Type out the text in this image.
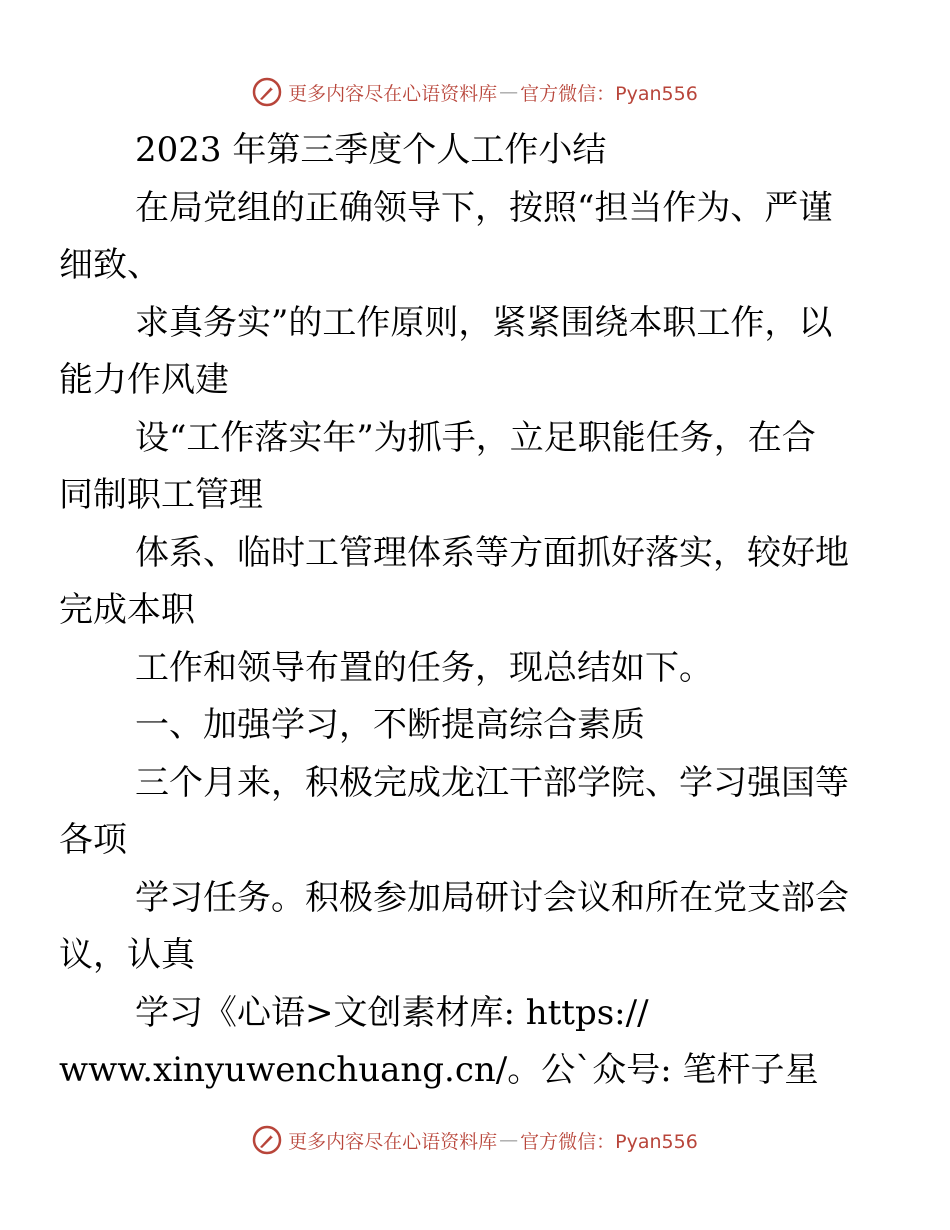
更多内容尽在心语资料库 — 官方微信：Pyan556
2023 年第三季度个人工作小结
在局党组的正确领导下，按照“担当作为、严谨
细致、
求真务实”的工作原则，紧紧围绕本职工作，以
能力作风建
设“工作落实年”为抓手，立足职能任务，在合
同制职工管理
体系、临时工管理体系等方面抓好落实，较好地
完成本职
工作和领导布置的任务，现总结如下。
一、加强学习，不断提高综合素质
三个月来，积极完成龙江干部学院、学习强国等
各项
学习任务。积极参加局研讨会议和所在党支部会
议，认真
学习《心语>文创素材库: https://
www.xinyuwenchuang.cn/。公`众号: 笔杆子星
更多内容尽在心语资料库 — 官方微信：Pyan556
